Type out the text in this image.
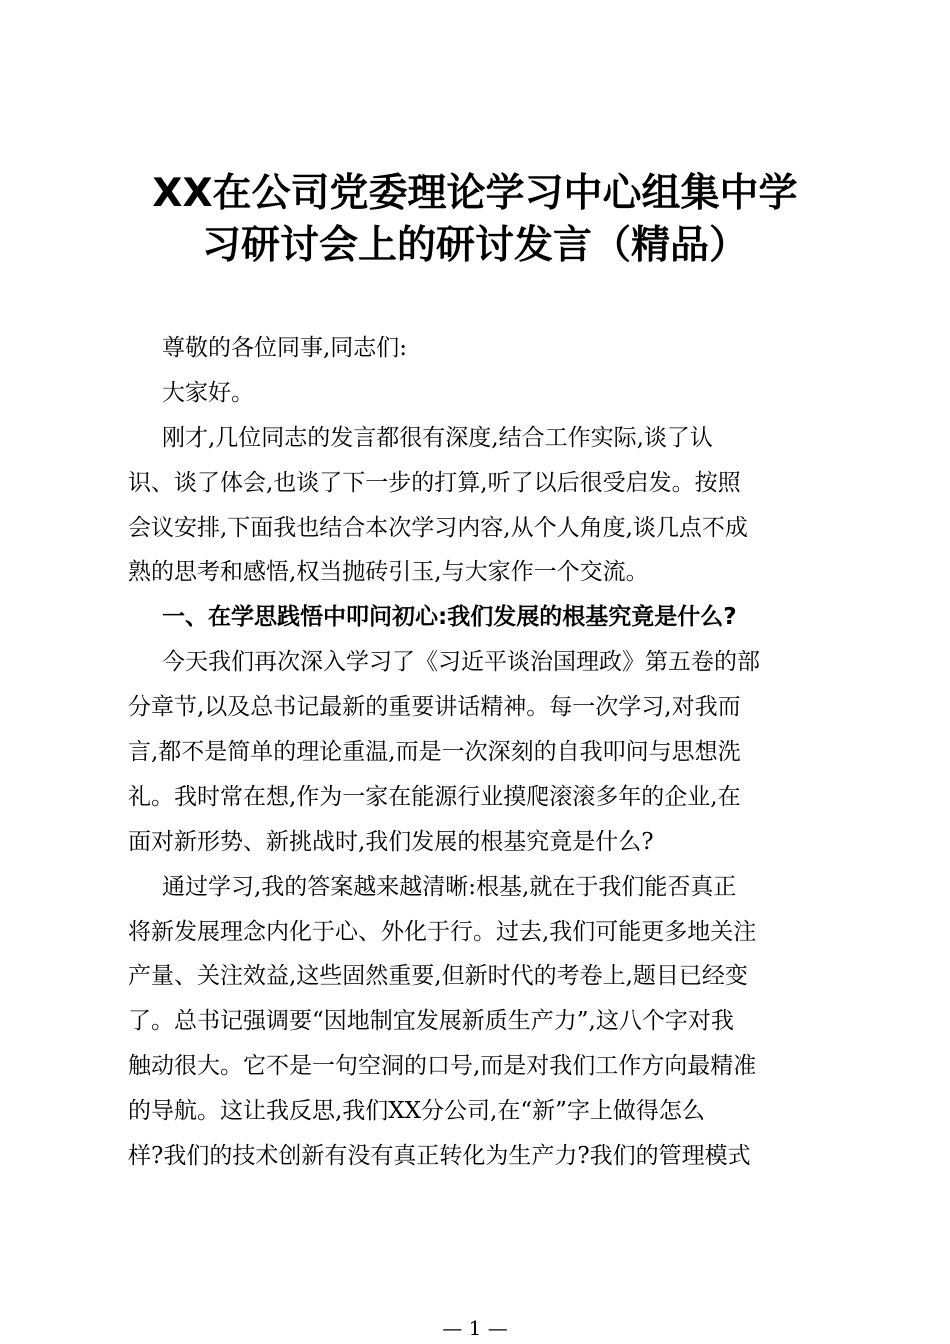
XX在公司党委理论学习中心组集中学
习研讨会上的研讨发言（精品）
尊敬的各位同事,同志们:
大家好。
刚才,几位同志的发言都很有深度,结合工作实际,谈了认
识、谈了体会,也谈了下一步的打算,听了以后很受启发。按照
会议安排,下面我也结合本次学习内容,从个人角度,谈几点不成
熟的思考和感悟,权当抛砖引玉,与大家作一个交流。
一、在学思践悟中叩问初心:我们发展的根基究竟是什么?
今天我们再次深入学习了《习近平谈治国理政》第五卷的部
分章节,以及总书记最新的重要讲话精神。每一次学习,对我而
言,都不是简单的理论重温,而是一次深刻的自我叩问与思想洗
礼。我时常在想,作为一家在能源行业摸爬滚滚多年的企业,在
面对新形势、新挑战时,我们发展的根基究竟是什么?
通过学习,我的答案越来越清晰:根基,就在于我们能否真正
将新发展理念内化于心、外化于行。过去,我们可能更多地关注
产量、关注效益,这些固然重要,但新时代的考卷上,题目已经变
了。总书记强调要“因地制宜发展新质生产力”,这八个字对我
触动很大。它不是一句空洞的口号,而是对我们工作方向最精准
的导航。这让我反思,我们XX分公司,在“新”字上做得怎么
样?我们的技术创新有没有真正转化为生产力?我们的管理模式
— 1 —
